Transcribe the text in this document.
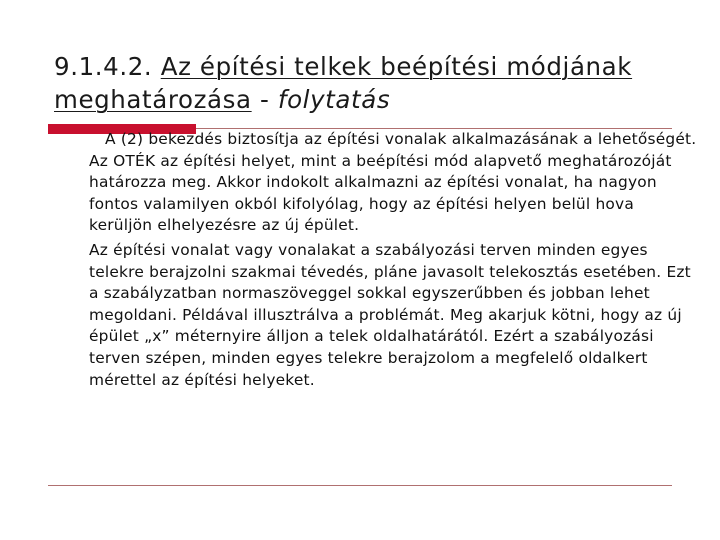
9.1.4.2. Az építési telkek beépítési módjának meghatározása - folytatás

A (2) bekezdés biztosítja az építési vonalak alkalmazásának a lehetőségét. Az OTÉK az építési helyet, mint a beépítési mód alapvető meghatározóját határozza meg. Akkor indokolt alkalmazni az építési vonalat, ha nagyon fontos valamilyen okból kifolyólag, hogy az építési helyen belül hova kerüljön elhelyezésre az új épület.

Az építési vonalat vagy vonalakat a szabályozási terven minden egyes telekre berajzolni szakmai tévedés, pláne javasolt telekosztás esetében. Ezt a szabályzatban normaszöveggel sokkal egyszerűbben és jobban lehet megoldani. Példával illusztrálva a problémát. Meg akarjuk kötni, hogy az új épület „x” méternyire álljon a telek oldalhatárától. Ezért a szabályozási terven szépen, minden egyes telekre berajzolom a megfelelő oldalkert mérettel az építési helyeket.
